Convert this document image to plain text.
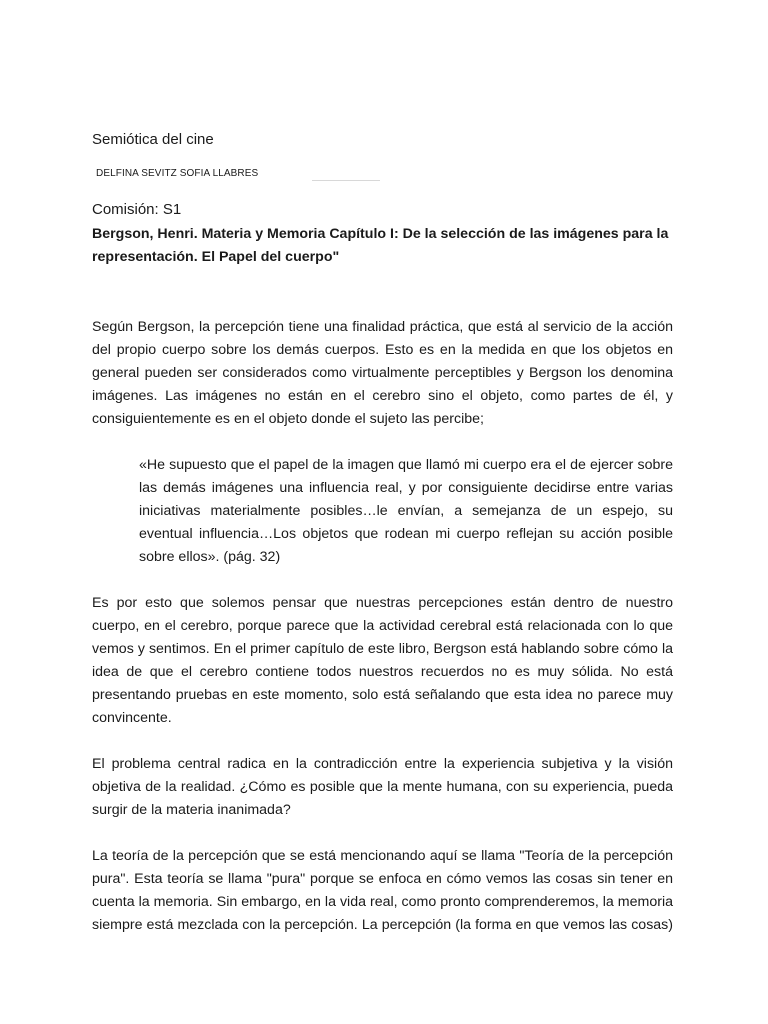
Semiótica del cine
DELFINA SEVITZ SOFIA LLABRES
Comisión: S1
Bergson, Henri. Materia y Memoria Capítulo I: De la selección de las imágenes para la representación. El Papel del cuerpo"

Según Bergson, la percepción tiene una finalidad práctica, que está al servicio de la acción del propio cuerpo sobre los demás cuerpos. Esto es en la medida en que los objetos en general pueden ser considerados como virtualmente perceptibles y Bergson los denomina imágenes. Las imágenes no están en el cerebro sino el objeto, como partes de él, y consiguientemente es en el objeto donde el sujeto las percibe;

«He supuesto que el papel de la imagen que llamó mi cuerpo era el de ejercer sobre las demás imágenes una influencia real, y por consiguiente decidirse entre varias iniciativas materialmente posibles…le envían, a semejanza de un espejo, su eventual influencia…Los objetos que rodean mi cuerpo reflejan su acción posible sobre ellos». (pág. 32)

Es por esto que solemos pensar que nuestras percepciones están dentro de nuestro cuerpo, en el cerebro, porque parece que la actividad cerebral está relacionada con lo que vemos y sentimos. En el primer capítulo de este libro, Bergson está hablando sobre cómo la idea de que el cerebro contiene todos nuestros recuerdos no es muy sólida. No está presentando pruebas en este momento, solo está señalando que esta idea no parece muy convincente.

El problema central radica en la contradicción entre la experiencia subjetiva y la visión objetiva de la realidad. ¿Cómo es posible que la mente humana, con su experiencia, pueda surgir de la materia inanimada?

La teoría de la percepción que se está mencionando aquí se llama "Teoría de la percepción pura". Esta teoría se llama "pura" porque se enfoca en cómo vemos las cosas sin tener en cuenta la memoria. Sin embargo, en la vida real, como pronto comprenderemos, la memoria siempre está mezclada con la percepción. La percepción (la forma en que vemos las cosas)
